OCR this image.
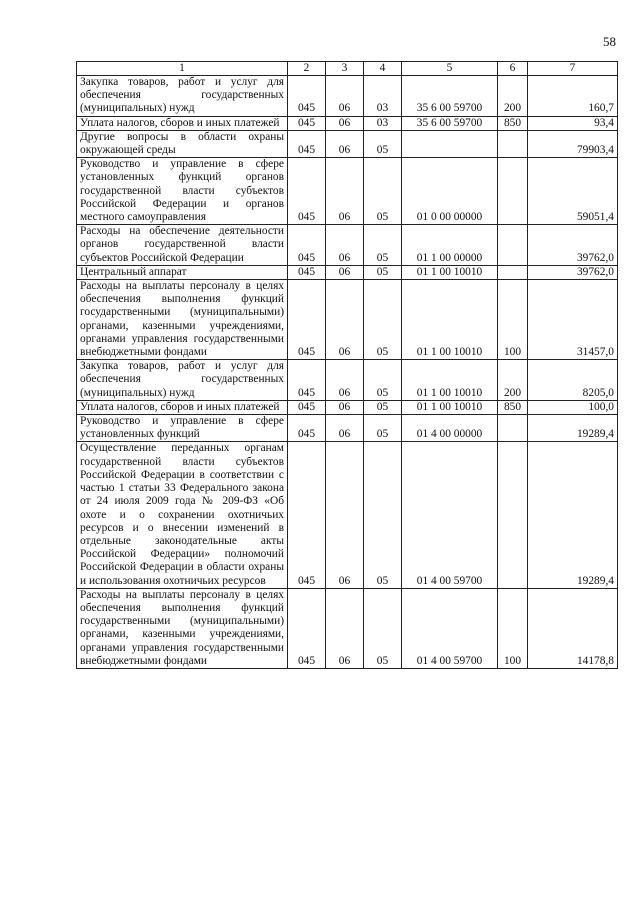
58
1	2	3	4	5	6	7

Закупка товаров, работ и услуг для обеспечения государственных (муниципальных) нужд	045	06	03	35 6 00 59700	200	160,7

Уплата налогов, сборов и иных платежей	045	06	03	35 6 00 59700	850	93,4

Другие вопросы в области охраны окружающей среды	045	06	05			79903,4

Руководство и управление в сфере установленных функций органов государственной власти субъектов Российской Федерации и органов местного самоуправления	045	06	05	01 0 00 00000		59051,4

Расходы на обеспечение деятельности органов государственной власти субъектов Российской Федерации	045	06	05	01 1 00 00000		39762,0

Центральный аппарат	045	06	05	01 1 00 10010		39762,0

Расходы на выплаты персоналу в целях обеспечения выполнения функций государственными (муниципальными) органами, казенными учреждениями, органами управления государственными внебюджетными фондами	045	06	05	01 1 00 10010	100	31457,0

Закупка товаров, работ и услуг для обеспечения государственных (муниципальных) нужд	045	06	05	01 1 00 10010	200	8205,0

Уплата налогов, сборов и иных платежей	045	06	05	01 1 00 10010	850	100,0

Руководство и управление в сфере установленных функций	045	06	05	01 4 00 00000		19289,4

Осуществление переданных органам государственной власти субъектов Российской Федерации в соответствии с частью 1 статьи 33 Федерального закона от 24 июля 2009 года № 209-ФЗ «Об охоте и о сохранении охотничьих ресурсов и о внесении изменений в отдельные законодательные акты Российской Федерации» полномочий Российской Федерации в области охраны и использования охотничьих ресурсов	045	06	05	01 4 00 59700		19289,4

Расходы на выплаты персоналу в целях обеспечения выполнения функций государственными (муниципальными) органами, казенными учреждениями, органами управления государственными внебюджетными фондами	045	06	05	01 4 00 59700	100	14178,8
